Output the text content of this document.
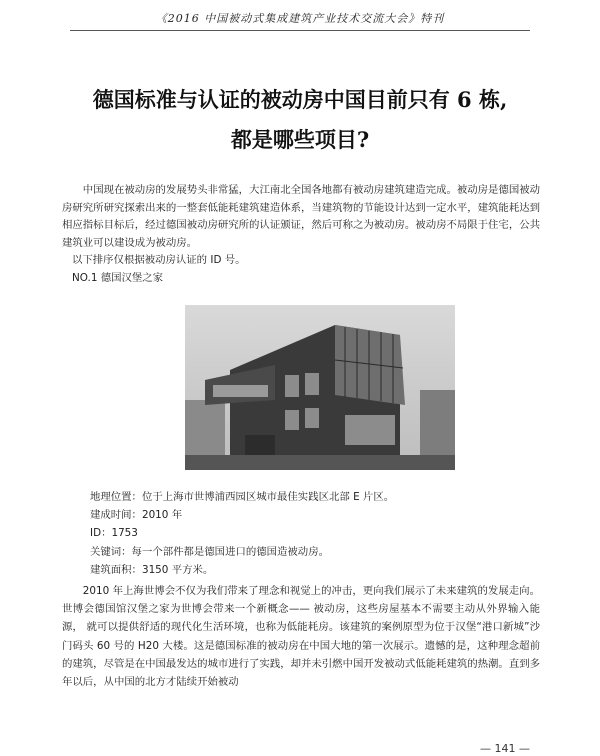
《2016 中国被动式集成建筑产业技术交流大会》特刊
德国标准与认证的被动房中国目前只有 6 栋,
都是哪些项目?

中国现在被动房的发展势头非常猛，大江南北全国各地都有被动房建筑建造完成。被动房是德国被动房研究所研究探索出来的一整套低能耗建筑建造体系，当建筑物的节能设计达到一定水平，建筑能耗达到相应指标目标后，经过德国被动房研究所的认证颁证，然后可称之为被动房。被动房不局限于住宅，公共建筑业可以建设成为被动房。

以下排序仅根据被动房认证的 ID 号。

NO.1 德国汉堡之家

地理位置：位于上海市世博浦西园区城市最佳实践区北部 E 片区。

建成时间：2010 年

ID：1753

关键词：每一个部件都是德国进口的德国造被动房。

建筑面积：3150 平方米。

2010 年上海世博会不仅为我们带来了理念和视觉上的冲击，更向我们展示了未来建筑的发展走向。 世博会德国馆汉堡之家为世博会带来一个新概念—— 被动房，这些房屋基本不需要主动从外界输入能源， 就可以提供舒适的现代化生活环境，也称为低能耗房。该建筑的案例原型为位于汉堡“港口新城”沙门码头 60 号的 H20 大楼。这是德国标准的被动房在中国大地的第一次展示。遗憾的是，这种理念超前的建筑，尽管是在中国最发达的城市进行了实践，却并未引燃中国开发被动式低能耗建筑的热潮。直到多年以后，从中国的北方才陆续开始被动

— 141 —
